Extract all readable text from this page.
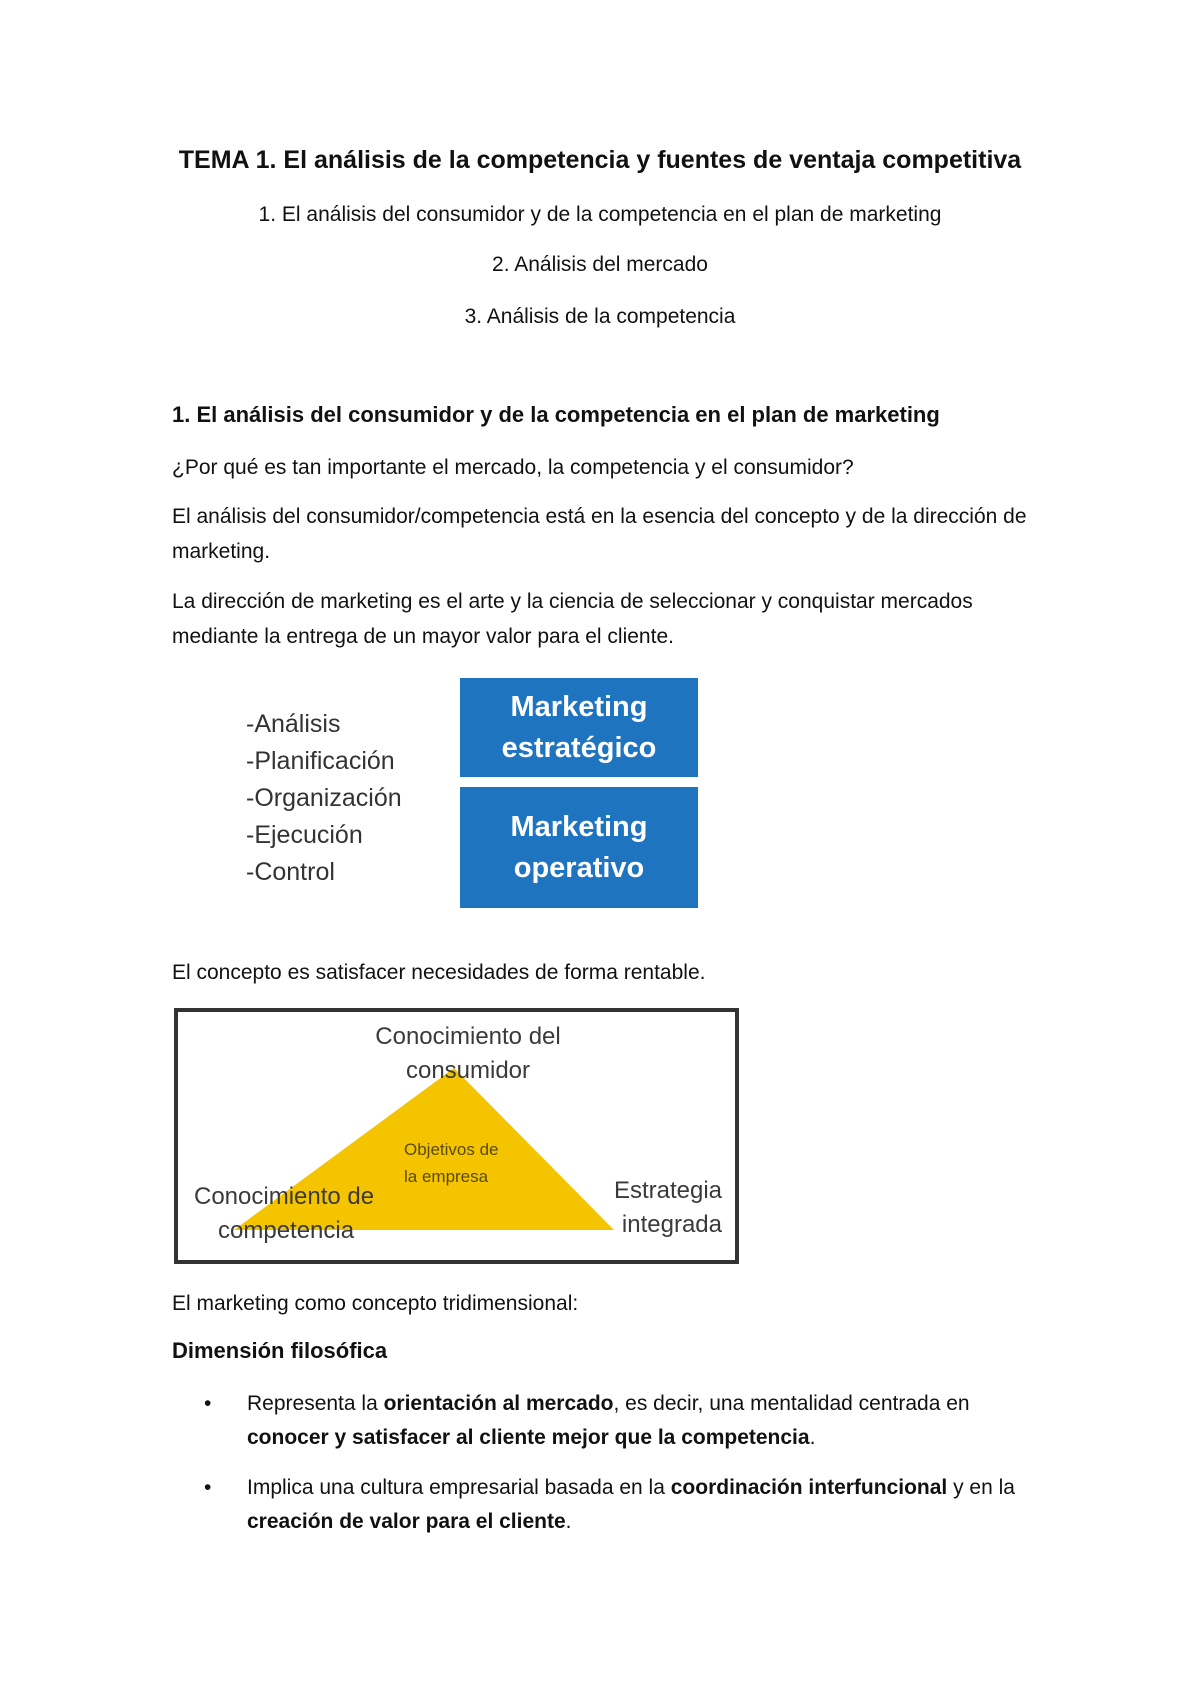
TEMA 1. El análisis de la competencia y fuentes de ventaja competitiva
1. El análisis del consumidor y de la competencia en el plan de marketing
2. Análisis del mercado
3. Análisis de la competencia
1. El análisis del consumidor y de la competencia en el plan de marketing
¿Por qué es tan importante el mercado, la competencia y el consumidor?
El análisis del consumidor/competencia está en la esencia del concepto y de la dirección de marketing.
La dirección de marketing es el arte y la ciencia de seleccionar y conquistar mercados mediante la entrega de un mayor valor para el cliente.
-Análisis
-Planificación
-Organización
-Ejecución
-Control
Marketing
estratégico
Marketing
operativo
El concepto es satisfacer necesidades de forma rentable.
Conocimiento del
consumidor
Objetivos de
la empresa
Conocimiento de
competencia
Estrategia
integrada
El marketing como concepto tridimensional:
Dimensión filosófica
• Representa la orientación al mercado, es decir, una mentalidad centrada en conocer y satisfacer al cliente mejor que la competencia.
• Implica una cultura empresarial basada en la coordinación interfuncional y en la creación de valor para el cliente.
